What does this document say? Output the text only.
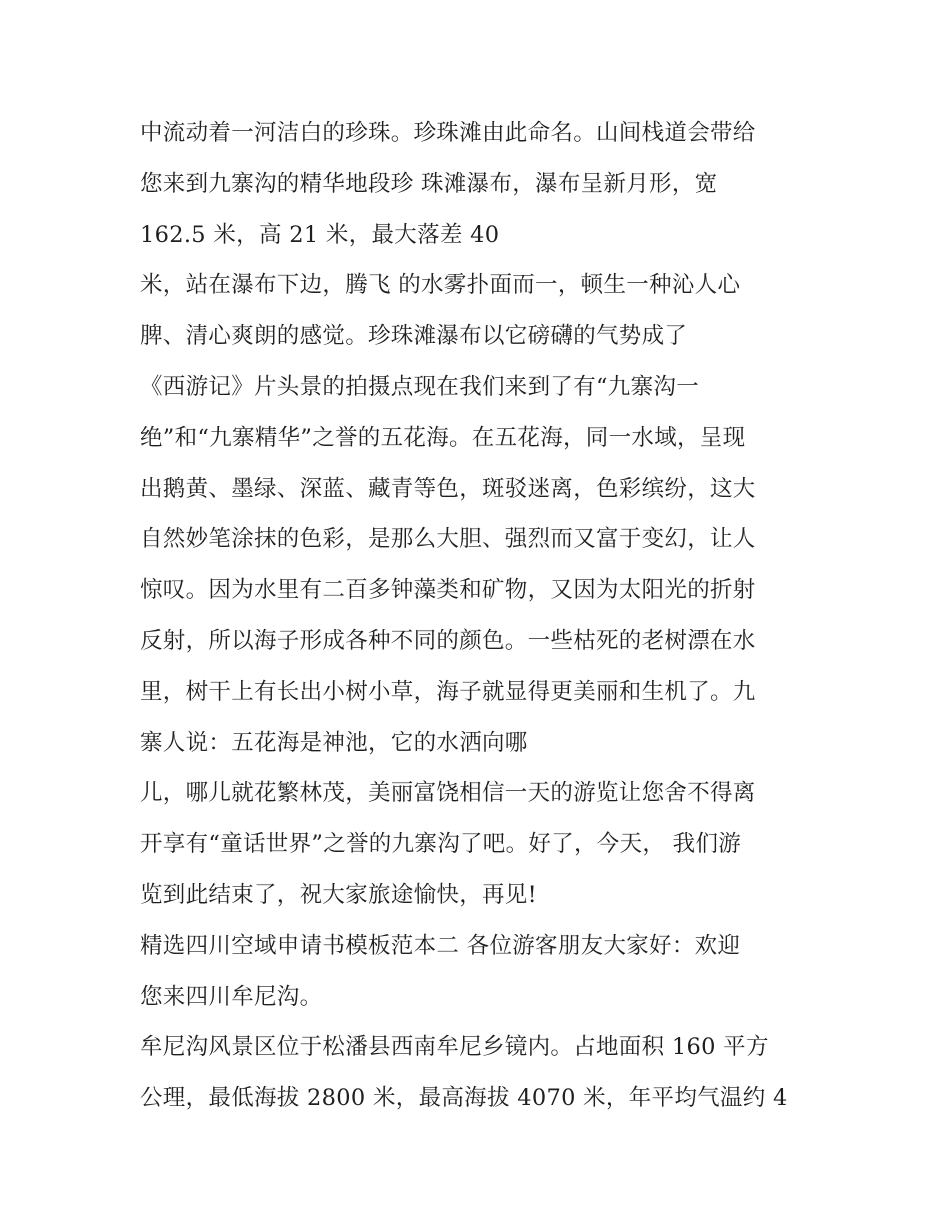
中流动着一河洁白的珍珠。珍珠滩由此命名。山间栈道会带给
您来到九寨沟的精华地段珍 珠滩瀑布，瀑布呈新月形，宽
162.5 米，高 21 米，最大落差 40
米，站在瀑布下边，腾飞 的水雾扑面而一，顿生一种沁人心
脾、清心爽朗的感觉。珍珠滩瀑布以它磅礴的气势成了
《西游记》片头景的拍摄点现在我们来到了有“九寨沟一
绝”和“九寨精华”之誉的五花海。在五花海，同一水域，呈现
出鹅黄、墨绿、深蓝、藏青等色，斑驳迷离，色彩缤纷，这大
自然妙笔涂抹的色彩，是那么大胆、强烈而又富于变幻，让人
惊叹。因为水里有二百多钟藻类和矿物，又因为太阳光的折射
反射，所以海子形成各种不同的颜色。一些枯死的老树漂在水
里，树干上有长出小树小草，海子就显得更美丽和生机了。九
寨人说：五花海是神池，它的水洒向哪
儿，哪儿就花繁林茂，美丽富饶相信一天的游览让您舍不得离
开享有“童话世界”之誉的九寨沟了吧。好了，今天， 我们游
览到此结束了，祝大家旅途愉快，再见!
精选四川空域申请书模板范本二 各位游客朋友大家好：欢迎
您来四川牟尼沟。
牟尼沟风景区位于松潘县西南牟尼乡镜内。占地面积 160 平方
公理，最低海拔 2800 米，最高海拔 4070 米，年平均气温约 4
